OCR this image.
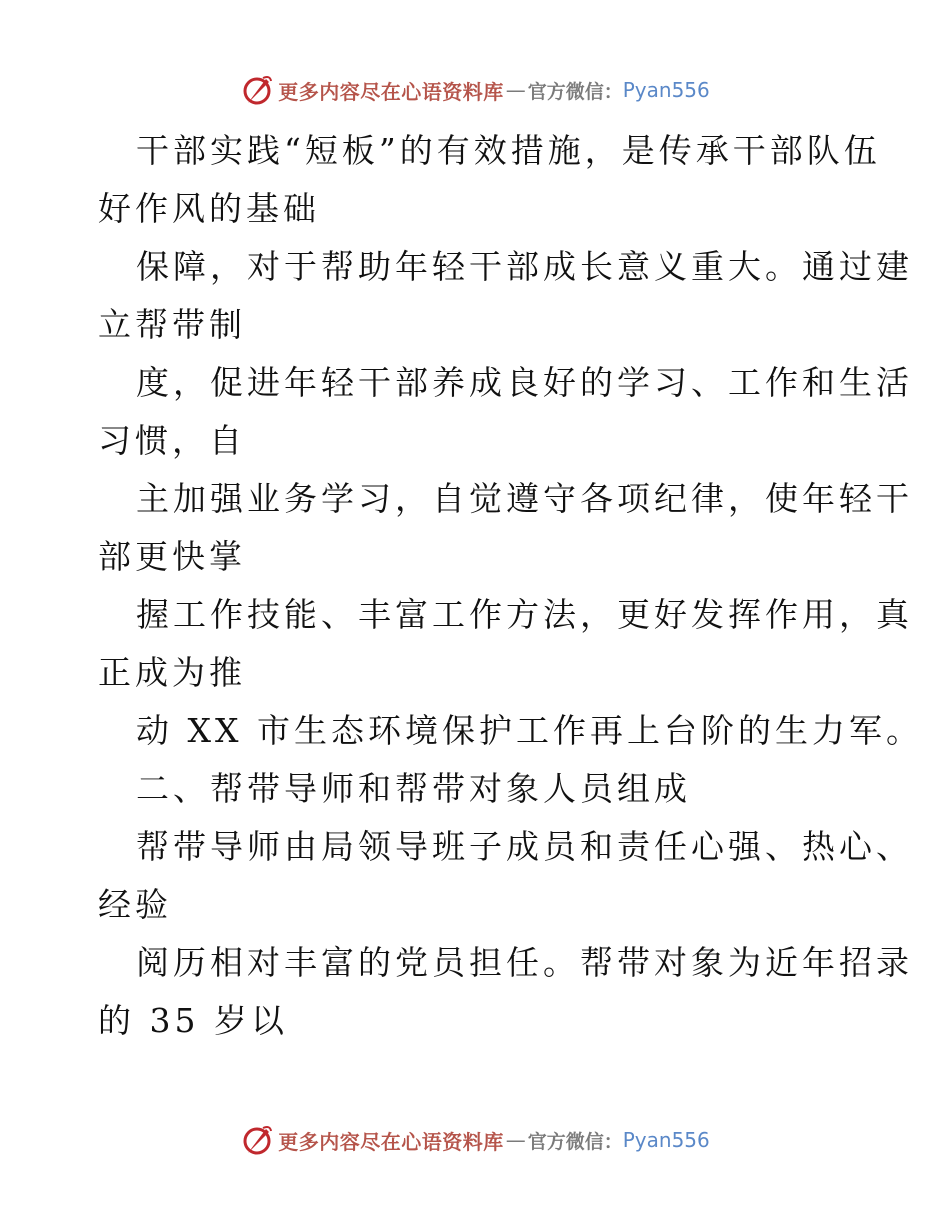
更多内容尽在心语资料库 — 官方微信： Pyan556
干部实践“短板”的有效措施，是传承干部队伍
好作风的基础
保障，对于帮助年轻干部成长意义重大。通过建
立帮带制
度，促进年轻干部养成良好的学习、工作和生活
习惯，自
主加强业务学习，自觉遵守各项纪律，使年轻干
部更快掌
握工作技能、丰富工作方法，更好发挥作用，真
正成为推
动 XX 市生态环境保护工作再上台阶的生力军。
二、帮带导师和帮带对象人员组成
帮带导师由局领导班子成员和责任心强、热心、
经验
阅历相对丰富的党员担任。帮带对象为近年招录
的 35 岁以
更多内容尽在心语资料库 — 官方微信： Pyan556
